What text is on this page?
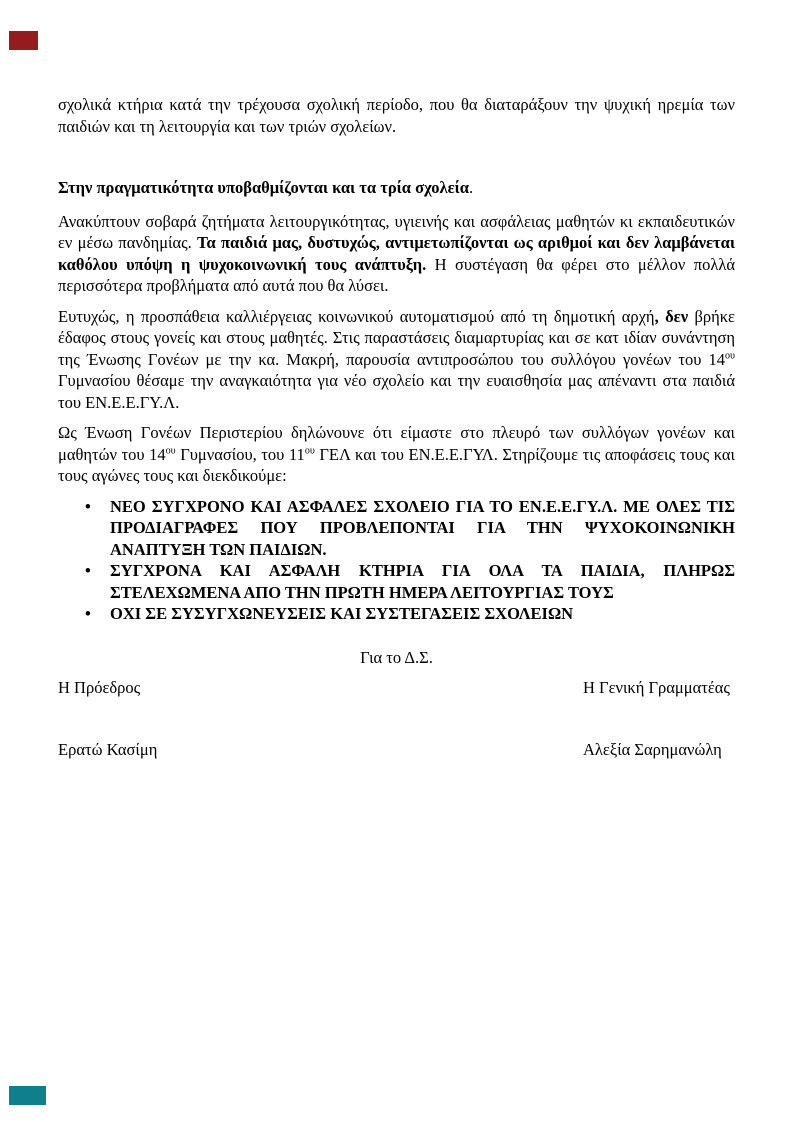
σχολικά κτήρια κατά την τρέχουσα σχολική περίοδο, που θα διαταράξουν την ψυχική ηρεμία των παιδιών και τη λειτουργία και των τριών σχολείων.

Στην πραγματικότητα υποβαθμίζονται και τα τρία σχολεία.

Ανακύπτουν σοβαρά ζητήματα λειτουργικότητας, υγιεινής και ασφάλειας μαθητών κι εκπαιδευτικών εν μέσω πανδημίας. Τα παιδιά μας, δυστυχώς, αντιμετωπίζονται ως αριθμοί και δεν λαμβάνεται καθόλου υπόψη η ψυχοκοινωνική τους ανάπτυξη. Η συστέγαση θα φέρει στο μέλλον πολλά περισσότερα προβλήματα από αυτά που θα λύσει.

Ευτυχώς, η προσπάθεια καλλιέργειας κοινωνικού αυτοματισμού από τη δημοτική αρχή, δεν βρήκε έδαφος στους γονείς και στους μαθητές. Στις παραστάσεις διαμαρτυρίας και σε κατ ιδίαν συνάντηση της Ένωσης Γονέων με την κα. Μακρή, παρουσία αντιπροσώπου του συλλόγου γονέων του $14^{o\upsilon}$ Γυμνασίου θέσαμε την αναγκαιότητα για νέο σχολείο και την ευαισθησία μας απέναντι στα παιδιά του ΕΝ.Ε.Ε.ΓΥ.Λ.

Ως Ένωση Γονέων Περιστερίου δηλώνουνε ότι είμαστε στο πλευρό των συλλόγων γονέων και μαθητών του $14^{o\upsilon}$ Γυμνασίου, του $11^{o\upsilon}$ ΓΕΛ και του ΕΝ.Ε.Ε.ΓΥΛ. Στηρίζουμε τις αποφάσεις τους και τους αγώνες τους και διεκδικούμε:

• ΝΕΟ ΣΥΓΧΡΟΝΟ ΚΑΙ ΑΣΦΑΛΕΣ ΣΧΟΛΕΙΟ ΓΙΑ ΤΟ ΕΝ.Ε.Ε.ΓΥ.Λ. ΜΕ ΟΛΕΣ ΤΙΣ ΠΡΟΔΙΑΓΡΑΦΕΣ ΠΟΥ ΠΡΟΒΛΕΠΟΝΤΑΙ ΓΙΑ ΤΗΝ ΨΥΧΟΚΟΙΝΩΝΙΚΗ ΑΝΑΠΤΥΞΗ ΤΩΝ ΠΑΙΔΙΩΝ.
• ΣΥΓΧΡΟΝΑ ΚΑΙ ΑΣΦΑΛΗ ΚΤΗΡΙΑ ΓΙΑ ΟΛΑ ΤΑ ΠΑΙΔΙΑ, ΠΛΗΡΩΣ ΣΤΕΛΕΧΩΜΕΝΑ ΑΠΟ ΤΗΝ ΠΡΩΤΗ ΗΜΕΡΑ ΛΕΙΤΟΥΡΓΙΑΣ ΤΟΥΣ
• ΟΧΙ ΣΕ ΣΥΣΥΓΧΩΝΕΥΣΕΙΣ ΚΑΙ ΣΥΣΤΕΓΑΣΕΙΣ ΣΧΟΛΕΙΩΝ
Για το Δ.Σ.
Η Πρόεδρος	Η Γενική Γραμματέας
Ερατώ Κασίμη	Αλεξία Σαρημανώλη
